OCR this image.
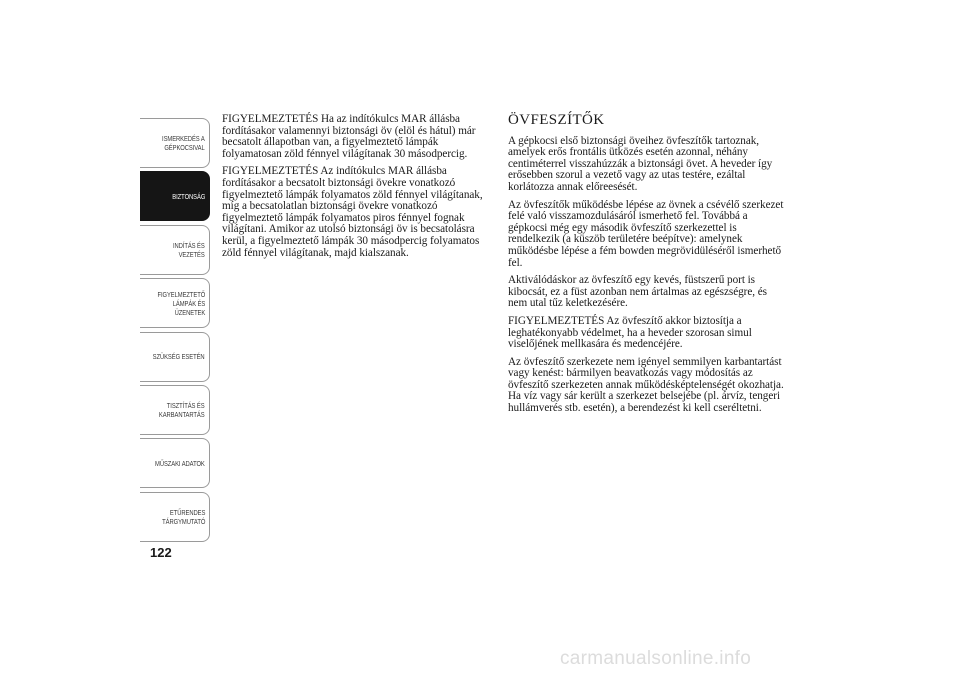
ISMERKEDÉS A
GÉPKOCSIVAL
BIZTONSÁG
INDÍTÁS ÉS
VEZETÉS
FIGYELMEZTETŐ
LÁMPÁK ÉS
ÜZENETEK
SZÜKSÉG ESETÉN
TISZTÍTÁS ÉS
KARBANTARTÁS
MŰSZAKI ADATOK
ETŰRENDES
TÁRGYMUTATÓ
122

FIGYELMEZTETÉS Ha az indítókulcs MAR állásba fordításakor valamennyi biztonsági öv (elöl és hátul) már becsatolt állapotban van, a figyelmeztető lámpák folyamatosan zöld fénnyel világítanak 30 másodpercig.

FIGYELMEZTETÉS Az indítókulcs MAR állásba fordításakor a becsatolt biztonsági övekre vonatkozó figyelmeztető lámpák folyamatos zöld fénnyel világítanak, míg a becsatolatlan biztonsági övekre vonatkozó figyelmeztető lámpák folyamatos piros fénnyel fognak világítani. Amikor az utolsó biztonsági öv is becsatolásra kerül, a figyelmeztető lámpák 30 másodpercig folyamatos zöld fénnyel világítanak, majd kialszanak.

ÖVFESZÍTŐK

A gépkocsi első biztonsági öveihez övfeszítők tartoznak, amelyek erős frontális ütközés esetén azonnal, néhány centiméterrel visszahúzzák a biztonsági övet. A heveder így erősebben szorul a vezető vagy az utas testére, ezáltal korlátozza annak előreesését.

Az övfeszítők működésbe lépése az övnek a csévélő szerkezet felé való visszamozdulásáról ismerhető fel. Továbbá a gépkocsi még egy második övfeszítő szerkezettel is rendelkezik (a küszöb területére beépítve): amelynek működésbe lépése a fém bowden megrövidüléséről ismerhető fel.

Aktiválódáskor az övfeszítő egy kevés, füstszerű port is kibocsát, ez a füst azonban nem ártalmas az egészségre, és nem utal tűz keletkezésére.

FIGYELMEZTETÉS Az övfeszítő akkor biztosítja a leghatékonyabb védelmet, ha a heveder szorosan simul viselőjének mellkasára és medencéjére.

Az övfeszítő szerkezete nem igényel semmilyen karbantartást vagy kenést: bármilyen beavatkozás vagy módosítás az övfeszítő szerkezeten annak működésképtelenségét okozhatja. Ha víz vagy sár került a szerkezet belsejébe (pl. árvíz, tengeri hullámverés stb. esetén), a berendezést ki kell cseréltetni.

carmanualsonline.info
